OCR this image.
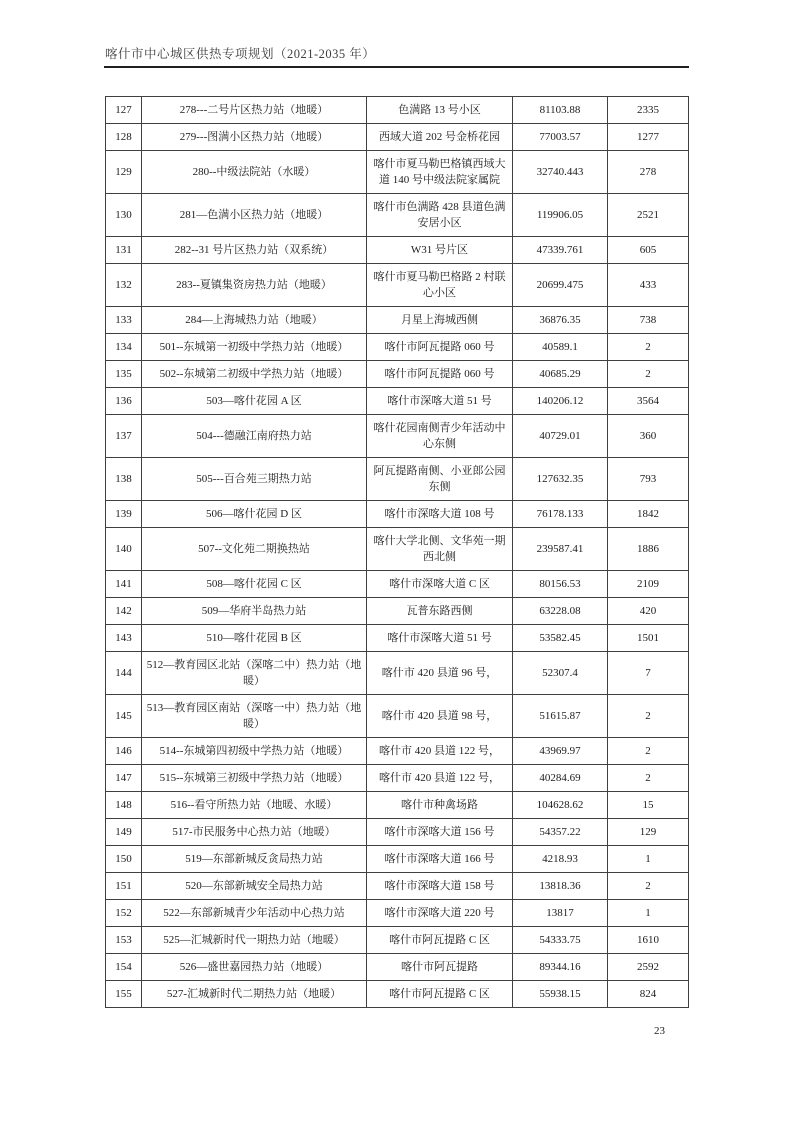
喀什市中心城区供热专项规划（2021-2035 年）
127	278---二号片区热力站（地暖）	色满路 13 号小区	81103.88	2335
128	279---图满小区热力站（地暖）	西域大道 202 号金桥花园	77003.57	1277
129	280--中级法院站（水暖）	喀什市夏马勒巴格镇西域大道 140 号中级法院家属院	32740.443	278
130	281—色满小区热力站（地暖）	喀什市色满路 428 县道色满安居小区	119906.05	2521
131	282--31 号片区热力站（双系统）	W31 号片区	47339.761	605
132	283--夏镇集资房热力站（地暖）	喀什市夏马勒巴格路 2 村联心小区	20699.475	433
133	284—上海城热力站（地暖）	月星上海城西侧	36876.35	738
134	501--东城第一初级中学热力站（地暖）	喀什市阿瓦提路 060 号	40589.1	2
135	502--东城第二初级中学热力站（地暖）	喀什市阿瓦提路 060 号	40685.29	2
136	503—喀什花园 A 区	喀什市深喀大道 51 号	140206.12	3564
137	504---德融江南府热力站	喀什花园南侧青少年活动中心东侧	40729.01	360
138	505---百合苑三期热力站	阿瓦提路南侧、小亚郎公园东侧	127632.35	793
139	506—喀什花园 D 区	喀什市深喀大道 108 号	76178.133	1842
140	507--文化苑二期换热站	喀什大学北侧、文华苑一期西北侧	239587.41	1886
141	508—喀什花园 C 区	喀什市深喀大道 C 区	80156.53	2109
142	509—华府半岛热力站	瓦普东路西侧	63228.08	420
143	510—喀什花园 B 区	喀什市深喀大道 51 号	53582.45	1501
144	512—教育园区北站（深喀二中）热力站（地暖）	喀什市 420 县道 96 号，	52307.4	7
145	513—教育园区南站（深喀一中）热力站（地暖）	喀什市 420 县道 98 号，	51615.87	2
146	514--东城第四初级中学热力站（地暖）	喀什市 420 县道 122 号，	43969.97	2
147	515--东城第三初级中学热力站（地暖）	喀什市 420 县道 122 号，	40284.69	2
148	516--看守所热力站（地暖、水暖）	喀什市种禽场路	104628.62	15
149	517-市民服务中心热力站（地暖）	喀什市深喀大道 156 号	54357.22	129
150	519—东部新城反贪局热力站	喀什市深喀大道 166 号	4218.93	1
151	520—东部新城安全局热力站	喀什市深喀大道 158 号	13818.36	2
152	522—东部新城青少年活动中心热力站	喀什市深喀大道 220 号	13817	1
153	525—汇城新时代一期热力站（地暖）	喀什市阿瓦提路 C 区	54333.75	1610
154	526—盛世嘉园热力站（地暖）	喀什市阿瓦提路	89344.16	2592
155	527-汇城新时代二期热力站（地暖）	喀什市阿瓦提路 C 区	55938.15	824
23
